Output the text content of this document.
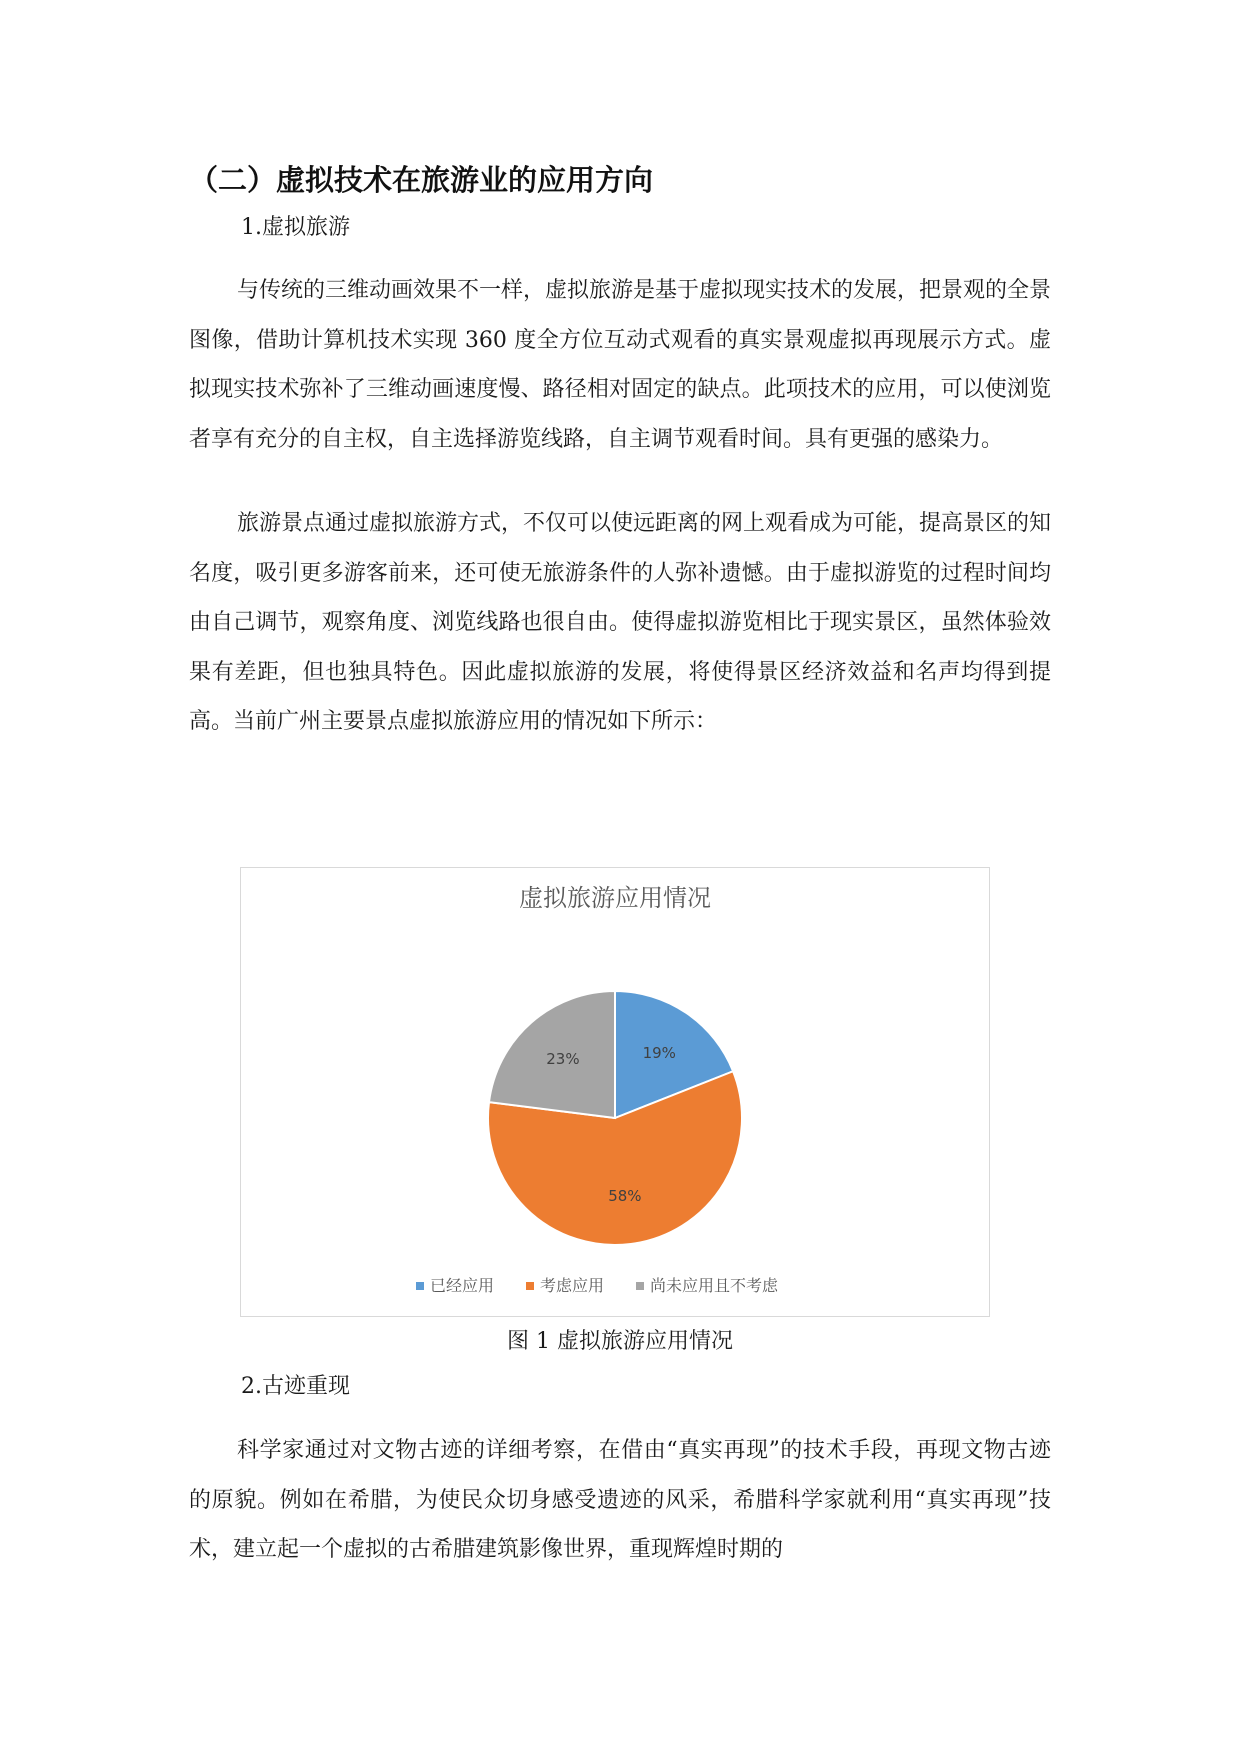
（二）虚拟技术在旅游业的应用方向

1.虚拟旅游

与传统的三维动画效果不一样，虚拟旅游是基于虚拟现实技术的发展，把景观的全景图像，借助计算机技术实现 360 度全方位互动式观看的真实景观虚拟再现展示方式。虚拟现实技术弥补了三维动画速度慢、路径相对固定的缺点。此项技术的应用，可以使浏览者享有充分的自主权，自主选择游览线路，自主调节观看时间。具有更强的感染力。

旅游景点通过虚拟旅游方式，不仅可以使远距离的网上观看成为可能，提高景区的知名度，吸引更多游客前来，还可使无旅游条件的人弥补遗憾。由于虚拟游览的过程时间均由自己调节，观察角度、浏览线路也很自由。使得虚拟游览相比于现实景区，虽然体验效果有差距，但也独具特色。因此虚拟旅游的发展，将使得景区经济效益和名声均得到提高。当前广州主要景点虚拟旅游应用的情况如下所示：

虚拟旅游应用情况
19%
58%
23%
已经应用	考虑应用	尚未应用且不考虑

图 1 虚拟旅游应用情况

2.古迹重现

科学家通过对文物古迹的详细考察，在借由“真实再现”的技术手段，再现文物古迹的原貌。例如在希腊，为使民众切身感受遗迹的风采，希腊科学家就利用“真实再现”技术，建立起一个虚拟的古希腊建筑影像世界，重现辉煌时期的
